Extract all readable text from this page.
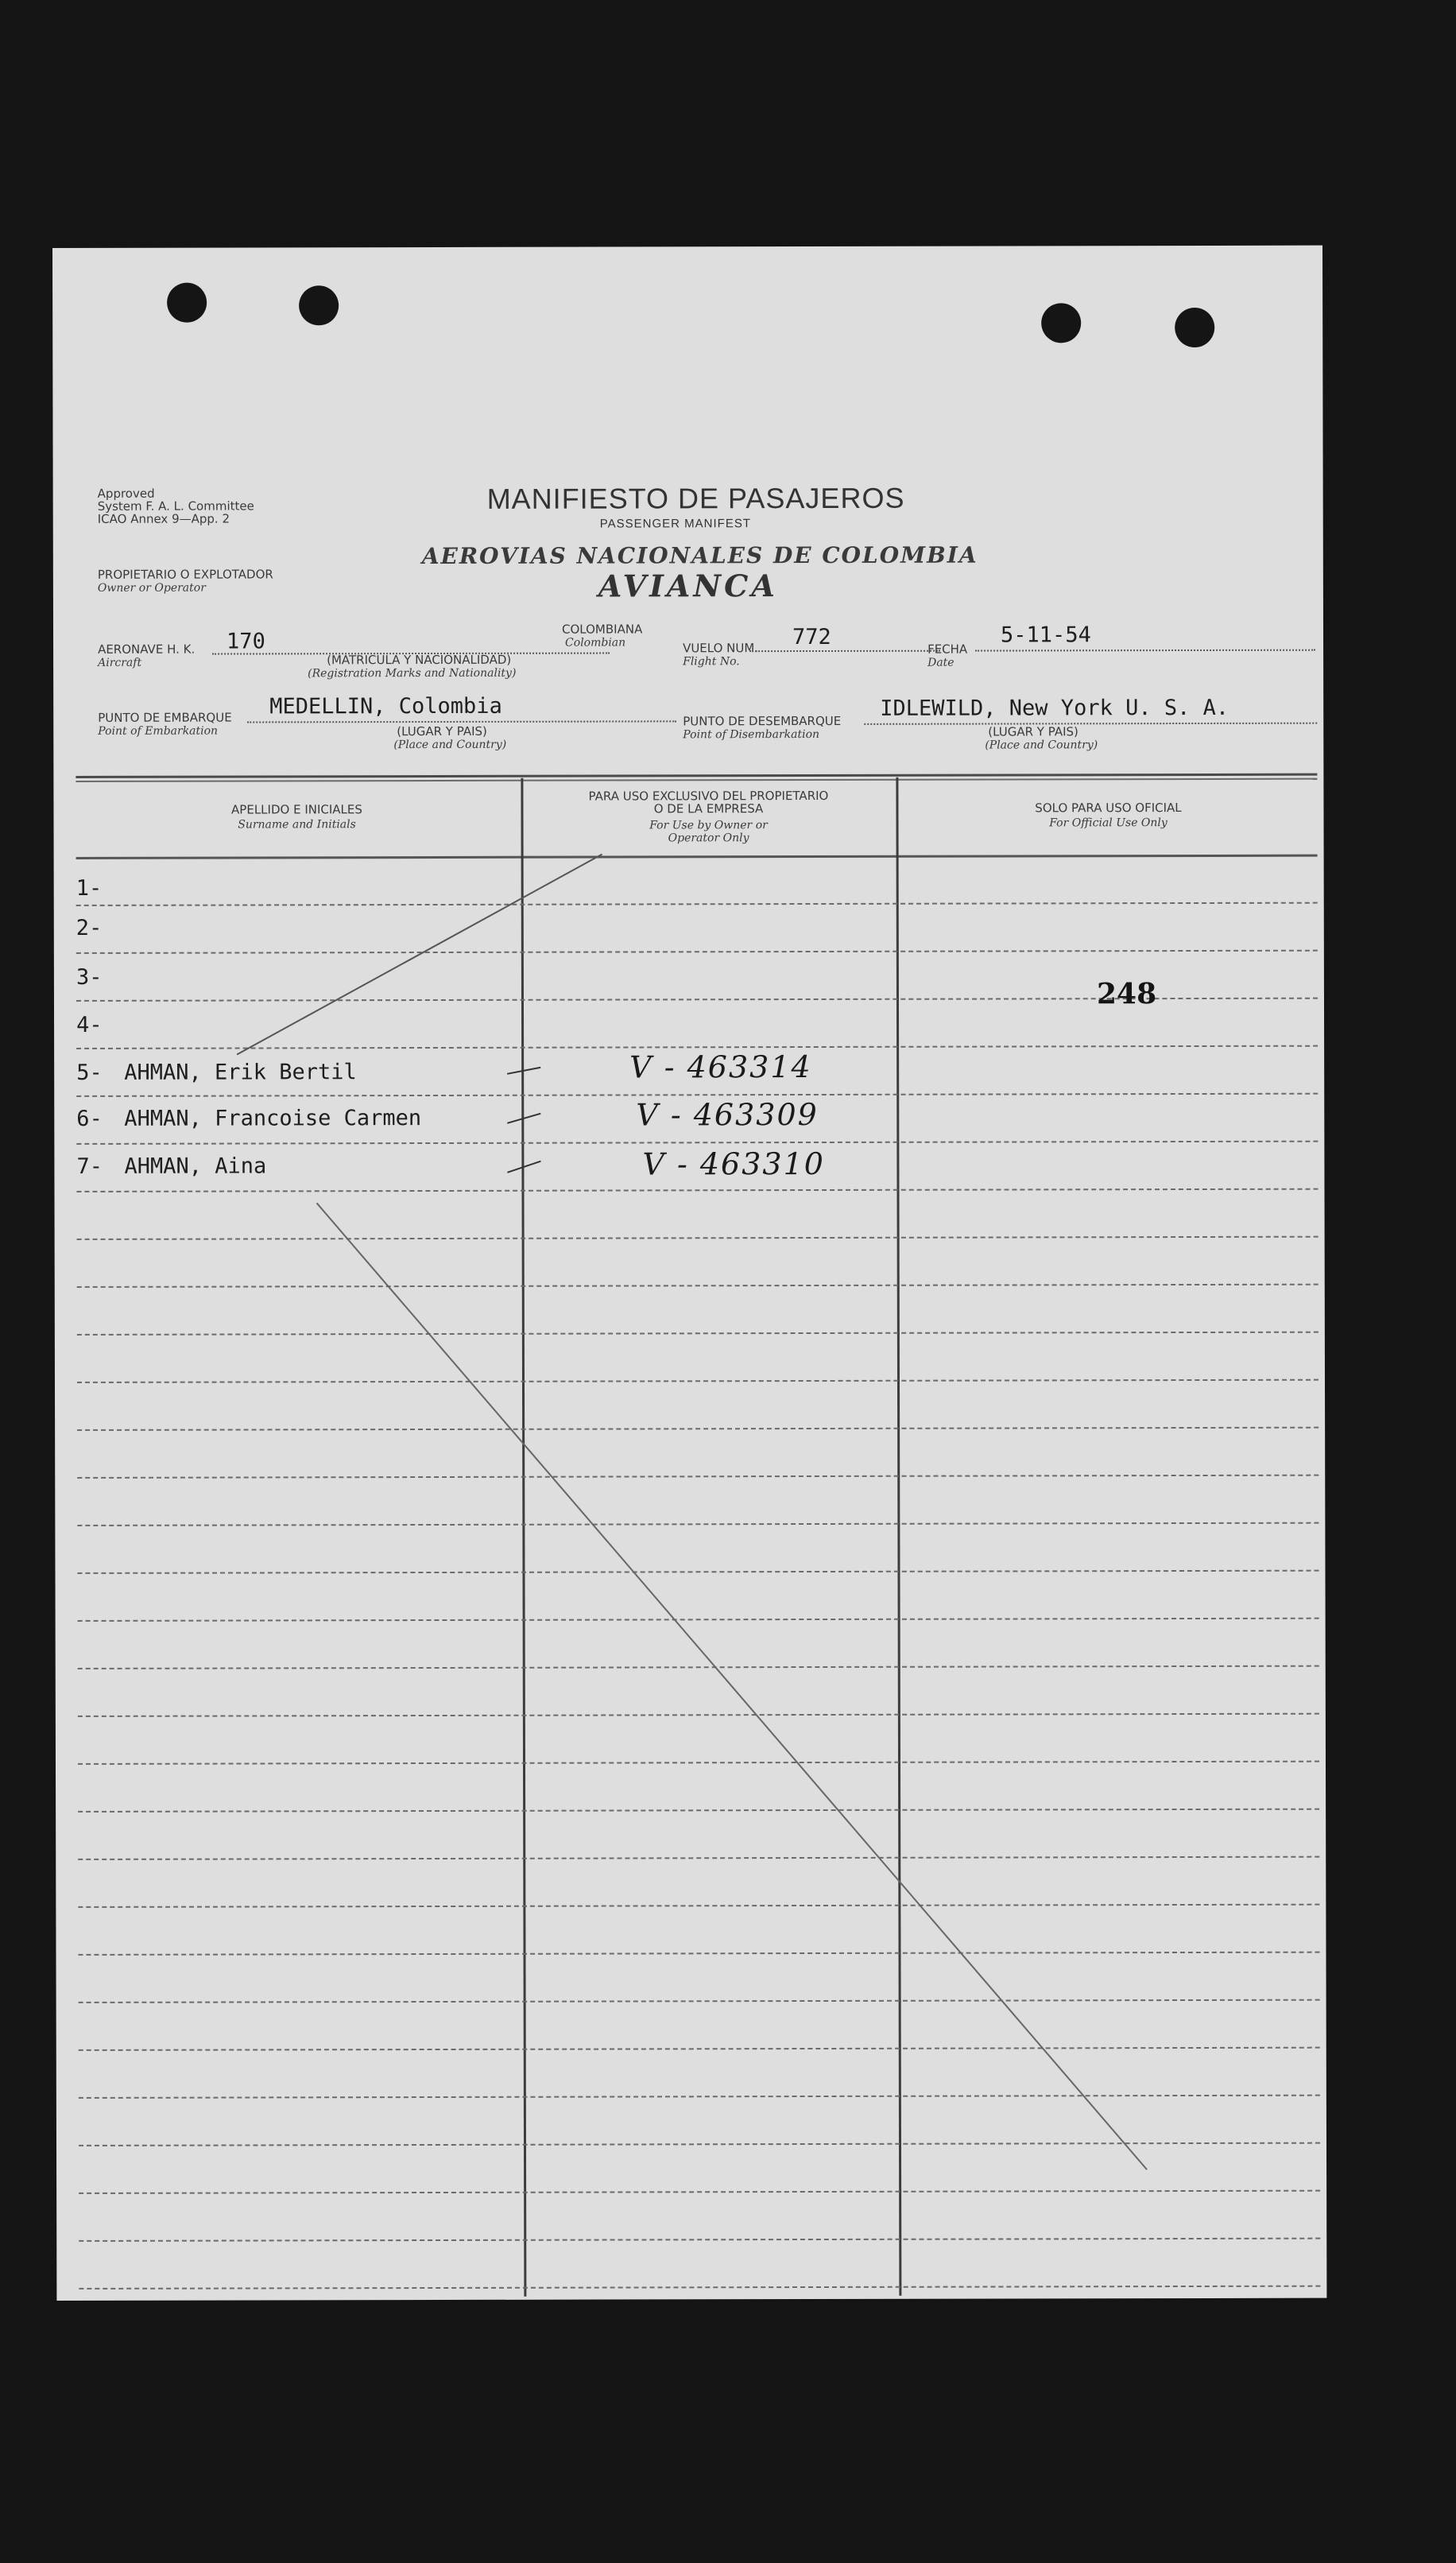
Approved
System F. A. L. Committee
ICAO Annex 9—App. 2
MANIFIESTO DE PASAJEROS
PASSENGER MANIFEST
AEROVIAS NACIONALES DE COLOMBIA
AVIANCA
PROPIETARIO O EXPLOTADOR
Owner or Operator
AERONAVE H. K.
Aircraft
170
(MATRICULA Y NACIONALIDAD)
(Registration Marks and Nationality)
COLOMBIANA
Colombian	VUELO NUM.
Flight No.
772	FECHA
Date
5-11-54
PUNTO DE EMBARQUE
Point of Embarkation
MEDELLIN, Colombia
(LUGAR Y PAIS)
(Place and Country)
PUNTO DE DESEMBARQUE
Point of Disembarkation
IDLEWILD, New York U. S. A.
(LUGAR Y PAIS)
(Place and Country)
APELLIDO E INICIALES
Surname and Initials
PARA USO EXCLUSIVO DEL PROPIETARIO
O DE LA EMPRESA
For Use by Owner or
Operator Only
SOLO PARA USO OFICIAL
For Official Use Only
1-
2-
3-
4-
5-
6-
7-
AHMAN, Erik Bertil
AHMAN, Francoise Carmen
AHMAN, Aina
V - 463314
V - 463309
V - 463310
248
